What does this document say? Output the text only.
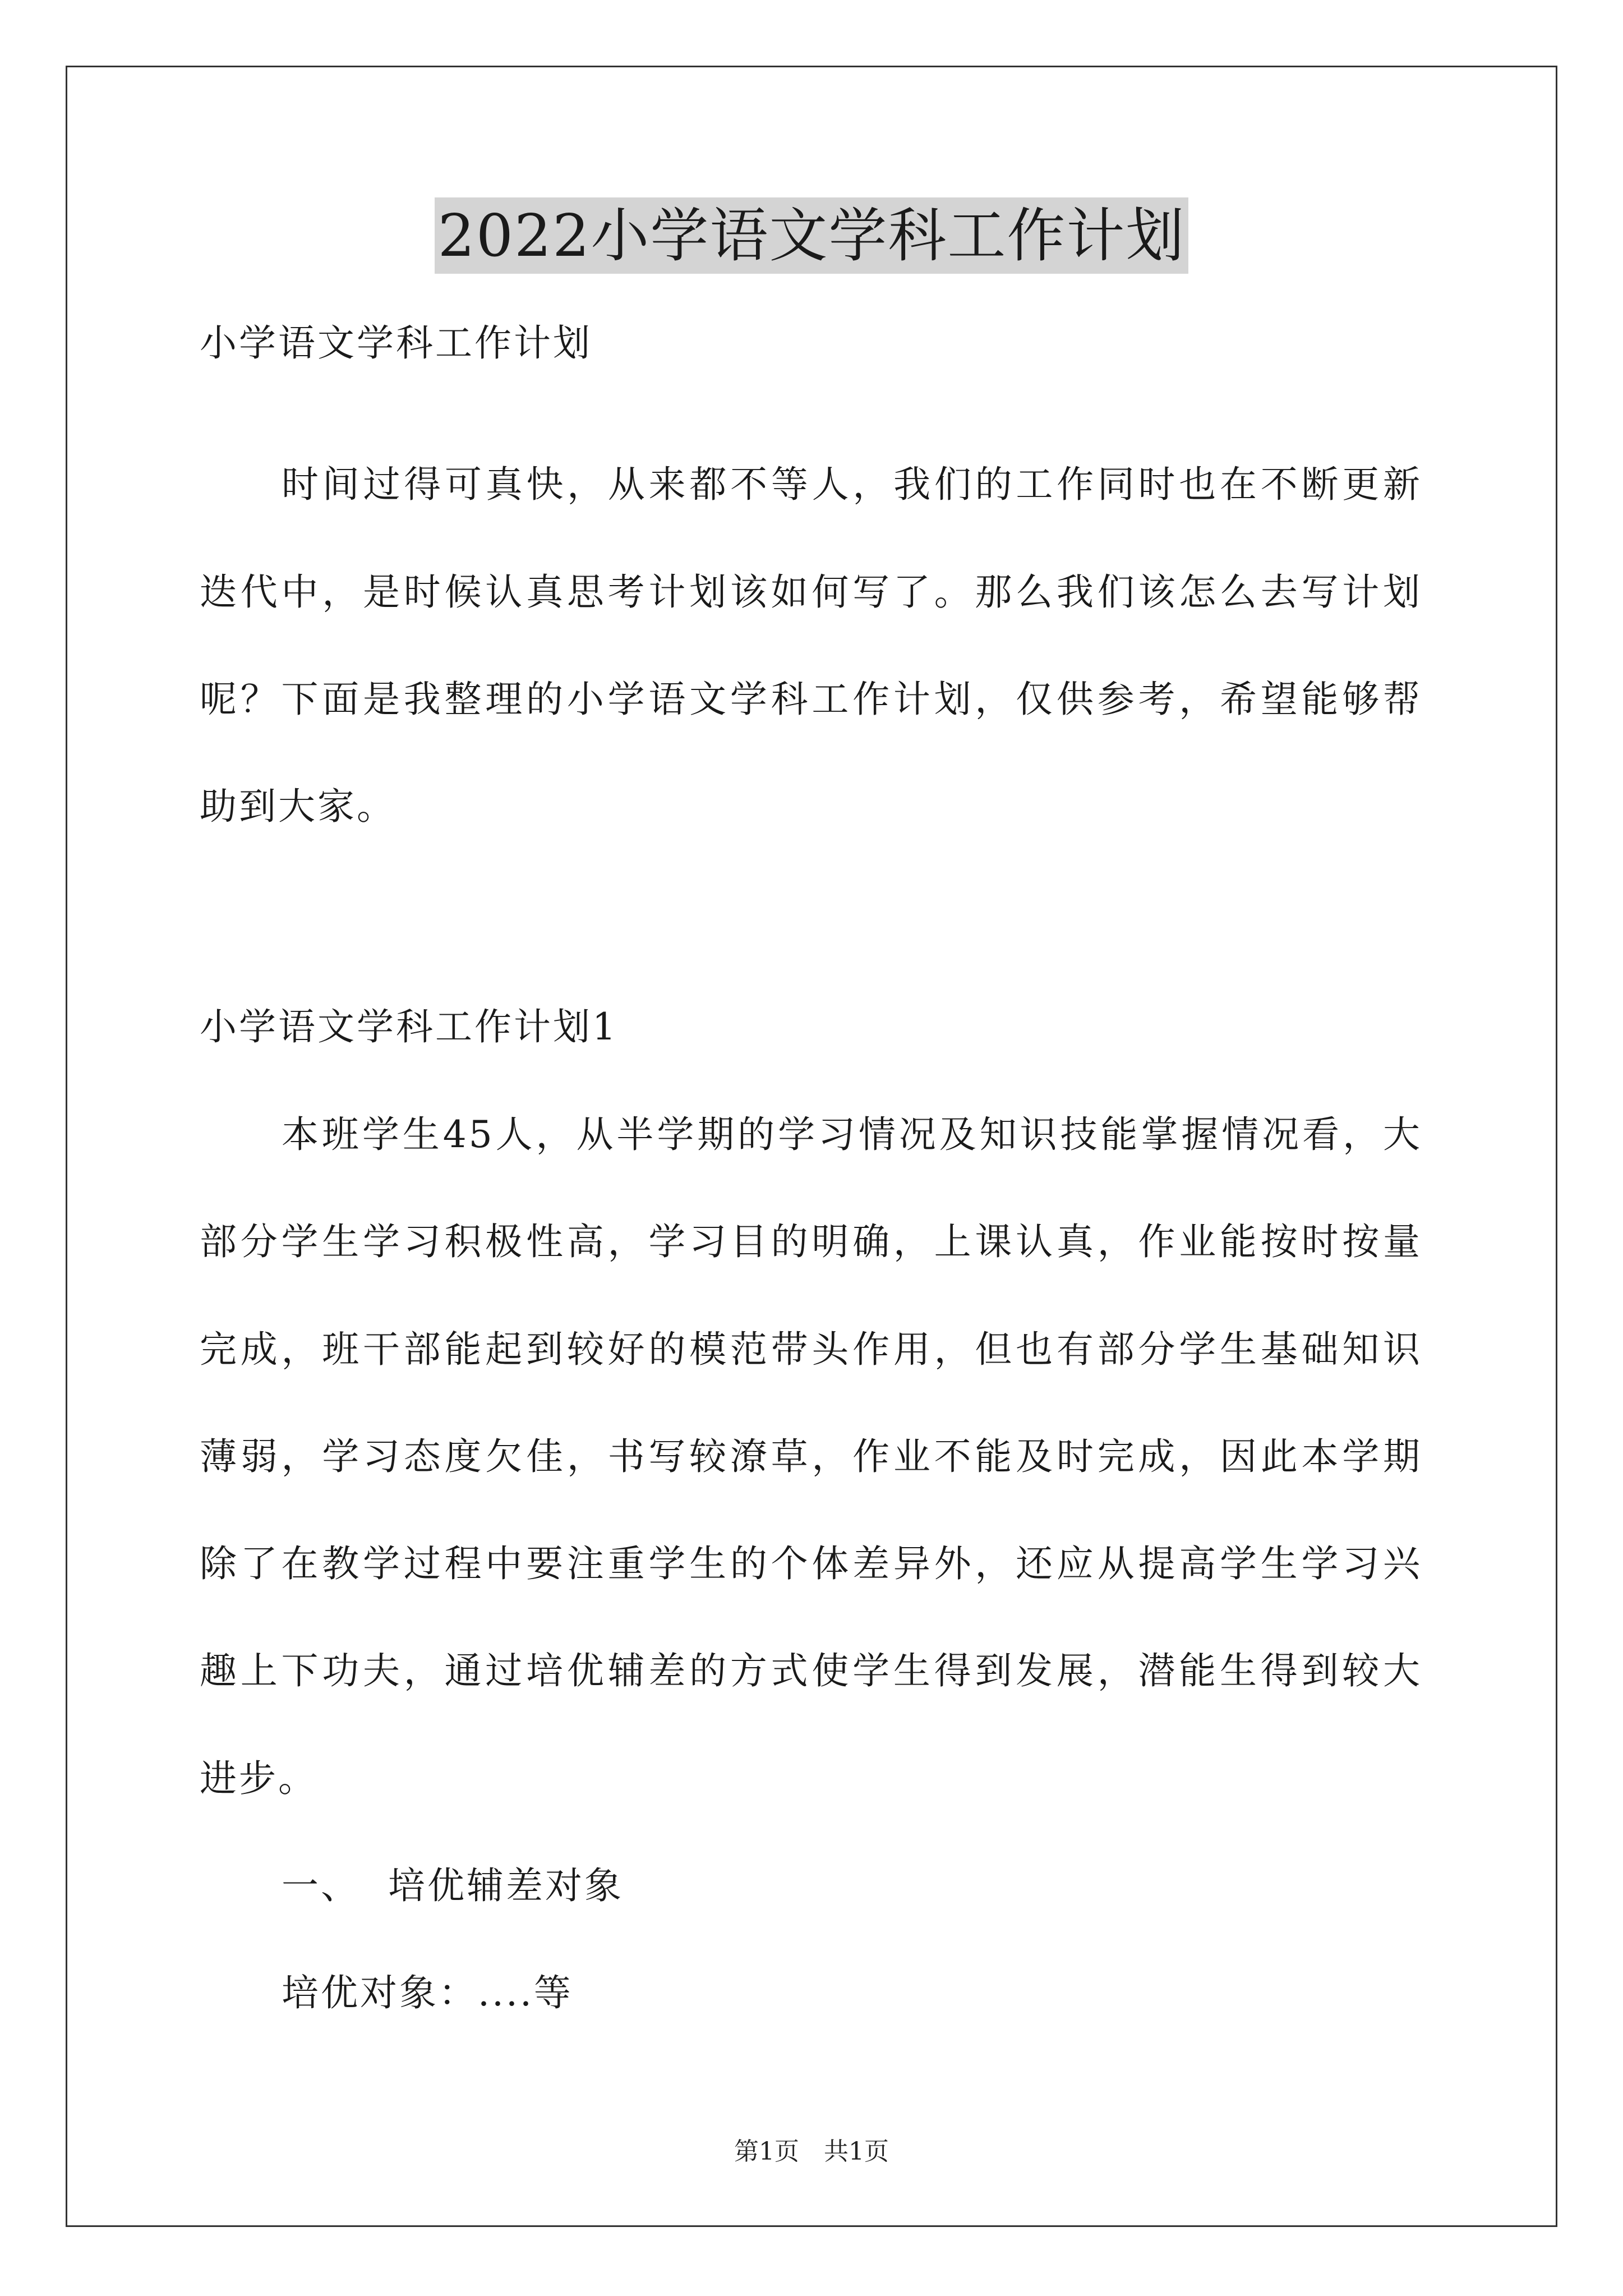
2022小学语文学科工作计划
小学语文学科工作计划
时间过得可真快，从来都不等人，我们的工作同时也在不断更新
迭代中，是时候认真思考计划该如何写了。那么我们该怎么去写计划
呢？下面是我整理的小学语文学科工作计划，仅供参考，希望能够帮
助到大家。
小学语文学科工作计划1
本班学生45人，从半学期的学习情况及知识技能掌握情况看，大
部分学生学习积极性高，学习目的明确，上课认真，作业能按时按量
完成，班干部能起到较好的模范带头作用，但也有部分学生基础知识
薄弱，学习态度欠佳，书写较潦草，作业不能及时完成，因此本学期
除了在教学过程中要注重学生的个体差异外，还应从提高学生学习兴
趣上下功夫，通过培优辅差的方式使学生得到发展，潜能生得到较大
进步。
一、  培优辅差对象
培优对象：....等
第1页 共1页
